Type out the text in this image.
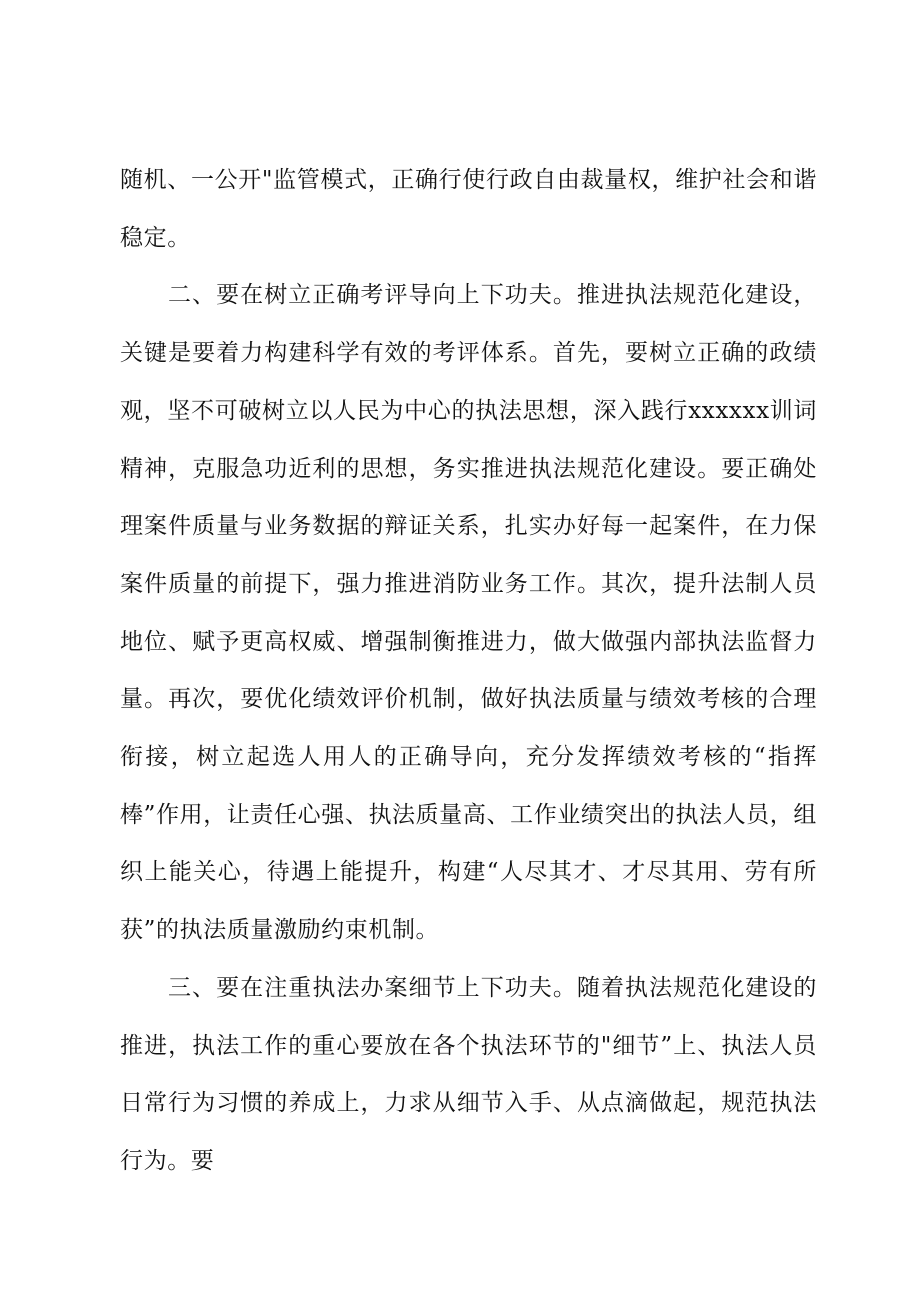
随机、一公开"监管模式，正确行使行政自由裁量权，维护社会和谐稳定。

二、要在树立正确考评导向上下功夫。推进执法规范化建设，关键是要着力构建科学有效的考评体系。首先，要树立正确的政绩观，坚不可破树立以人民为中心的执法思想，深入践行xxxxxx训词精神，克服急功近利的思想，务实推进执法规范化建设。要正确处理案件质量与业务数据的辩证关系，扎实办好每一起案件，在力保案件质量的前提下，强力推进消防业务工作。其次，提升法制人员地位、赋予更高权威、增强制衡推进力，做大做强内部执法监督力量。再次，要优化绩效评价机制，做好执法质量与绩效考核的合理衔接，树立起选人用人的正确导向，充分发挥绩效考核的“指挥棒”作用，让责任心强、执法质量高、工作业绩突出的执法人员，组织上能关心，待遇上能提升，构建“人尽其才、才尽其用、劳有所获”的执法质量激励约束机制。

三、要在注重执法办案细节上下功夫。随着执法规范化建设的推进，执法工作的重心要放在各个执法环节的"细节”上、执法人员日常行为习惯的养成上，力求从细节入手、从点滴做起，规范执法行为。要
